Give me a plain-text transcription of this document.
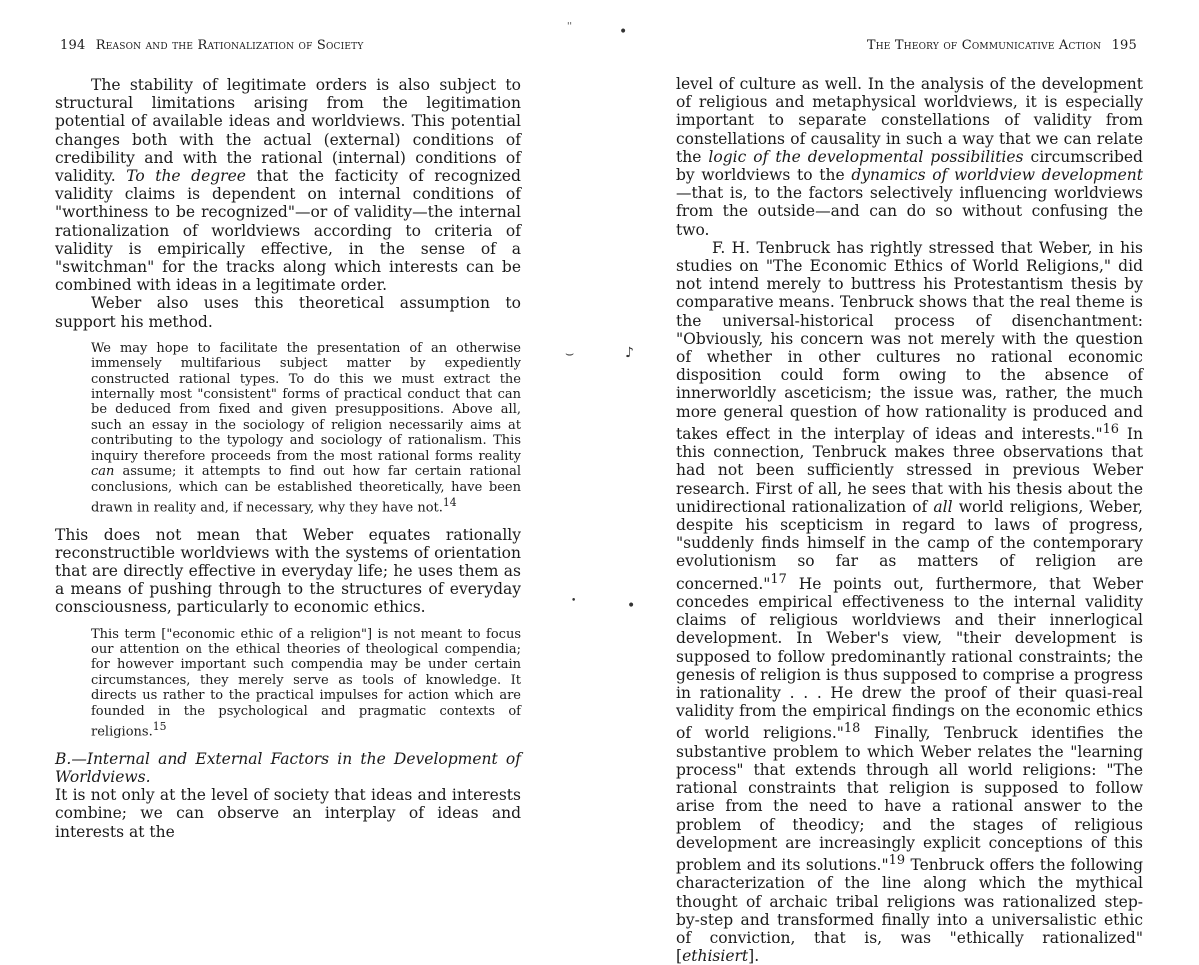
194 Reason and the Rationalization of Society

The stability of legitimate orders is also subject to structural limitations arising from the legitimation potential of available ideas and worldviews. This potential changes both with the actual (external) conditions of credibility and with the rational (internal) conditions of validity. To the degree that the facticity of recognized validity claims is dependent on internal conditions of "worthiness to be recognized"—or of validity—the internal rationalization of worldviews according to criteria of validity is empirically effective, in the sense of a "switchman" for the tracks along which interests can be combined with ideas in a legitimate order.

Weber also uses this theoretical assumption to support his method.

We may hope to facilitate the presentation of an otherwise immensely multifarious subject matter by expediently constructed rational types. To do this we must extract the internally most "consistent" forms of practical conduct that can be deduced from fixed and given presuppositions. Above all, such an essay in the sociology of religion necessarily aims at contributing to the typology and sociology of rationalism. This inquiry therefore proceeds from the most rational forms reality can assume; it attempts to find out how far certain rational conclusions, which can be established theoretically, have been drawn in reality and, if necessary, why they have not.$^{14}$

This does not mean that Weber equates rationally reconstructible worldviews with the systems of orientation that are directly effective in everyday life; he uses them as a means of pushing through to the structures of everyday consciousness, particularly to economic ethics.

This term ["economic ethic of a religion"] is not meant to focus our attention on the ethical theories of theological compendia; for however important such compendia may be under certain circumstances, they merely serve as tools of knowledge. It directs us rather to the practical impulses for action which are founded in the psychological and pragmatic contexts of religions.$^{15}$

B.—Internal and External Factors in the Development of Worldviews.

It is not only at the level of society that ideas and interests combine; we can observe an interplay of ideas and interests at the

''	•
⌣	♪
•	•
The Theory of Communicative Action 195

level of culture as well. In the analysis of the development of religious and metaphysical worldviews, it is especially important to separate constellations of validity from constellations of causality in such a way that we can relate the logic of the developmental possibilities circumscribed by worldviews to the dynamics of worldview development—that is, to the factors selectively influencing worldviews from the outside—and can do so without confusing the two.

F. H. Tenbruck has rightly stressed that Weber, in his studies on "The Economic Ethics of World Religions," did not intend merely to buttress his Protestantism thesis by comparative means. Tenbruck shows that the real theme is the universal-historical process of disenchantment: "Obviously, his concern was not merely with the question of whether in other cultures no rational economic disposition could form owing to the absence of innerworldly asceticism; the issue was, rather, the much more general question of how rationality is produced and takes effect in the interplay of ideas and interests."$^{16}$ In this connection, Tenbruck makes three observations that had not been sufficiently stressed in previous Weber research. First of all, he sees that with his thesis about the unidirectional rationalization of all world religions, Weber, despite his scepticism in regard to laws of progress, "suddenly finds himself in the camp of the contemporary evolutionism so far as matters of religion are concerned."$^{17}$ He points out, furthermore, that Weber concedes empirical effectiveness to the internal validity claims of religious worldviews and their innerlogical development. In Weber's view, "their development is supposed to follow predominantly rational constraints; the genesis of religion is thus supposed to comprise a progress in rationality . . . He drew the proof of their quasi-real validity from the empirical findings on the economic ethics of world religions."$^{18}$ Finally, Tenbruck identifies the substantive problem to which Weber relates the "learning process" that extends through all world religions: "The rational constraints that religion is supposed to follow arise from the need to have a rational answer to the problem of theodicy; and the stages of religious development are increasingly explicit conceptions of this problem and its solutions."$^{19}$ Tenbruck offers the following characterization of the line along which the mythical thought of archaic tribal religions was rationalized step-by-step and transformed finally into a universalistic ethic of conviction, that is, was "ethically rationalized" [ethisiert].
